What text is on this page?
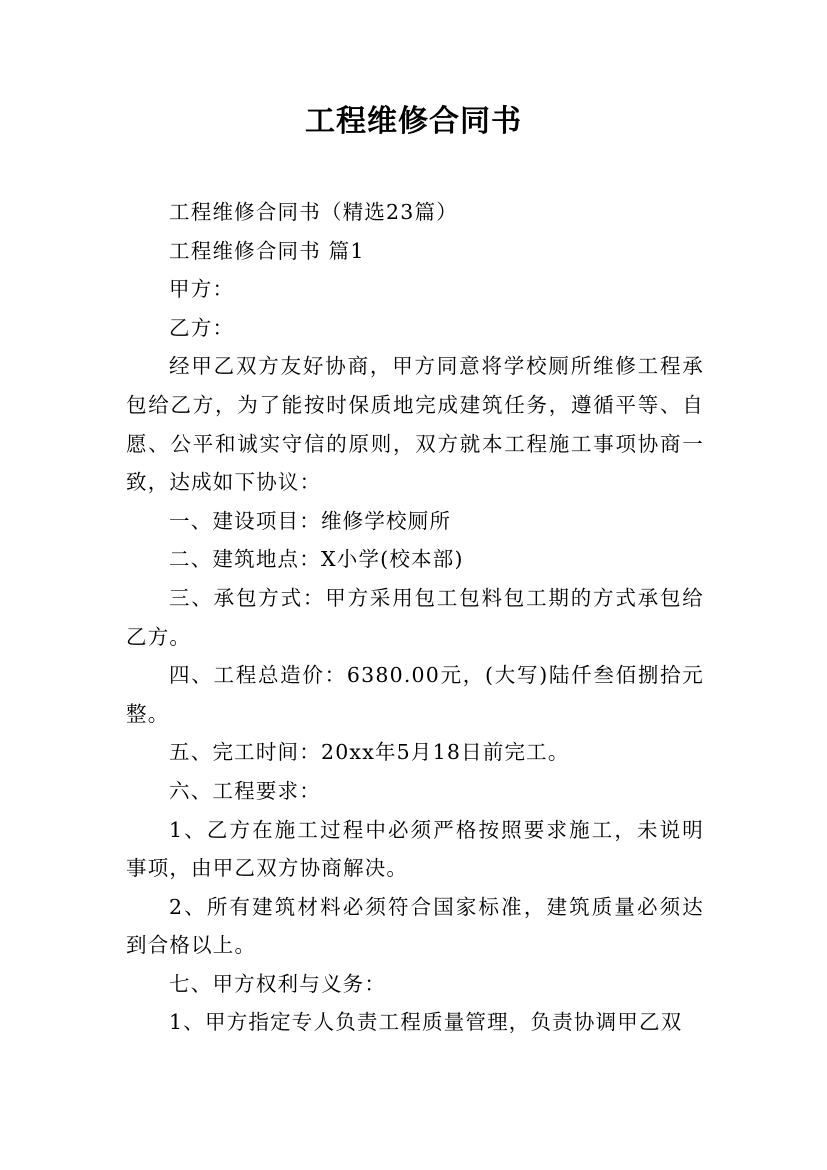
工程维修合同书

工程维修合同书（精选23篇）

工程维修合同书 篇1

甲方：

乙方：

经甲乙双方友好协商，甲方同意将学校厕所维修工程承包给乙方，为了能按时保质地完成建筑任务，遵循平等、自愿、公平和诚实守信的原则，双方就本工程施工事项协商一致，达成如下协议：

一、建设项目：维修学校厕所

二、建筑地点：X小学(校本部)

三、承包方式：甲方采用包工包料包工期的方式承包给乙方。

四、工程总造价：6380.00元，(大写)陆仟叁佰捌拾元整。

五、完工时间：20xx年5月18日前完工。

六、工程要求：

1、乙方在施工过程中必须严格按照要求施工，未说明事项，由甲乙双方协商解决。

2、所有建筑材料必须符合国家标准，建筑质量必须达到合格以上。

七、甲方权利与义务：

1、甲方指定专人负责工程质量管理，负责协调甲乙双
